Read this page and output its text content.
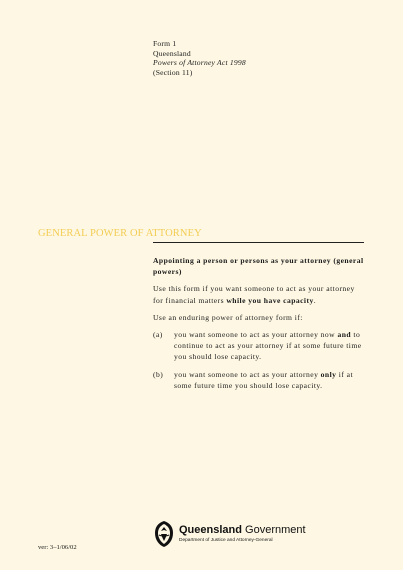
Form 1
Queensland
Powers of Attorney Act 1998
(Section 11)
GENERAL POWER OF ATTORNEY

Appointing a person or persons as your attorney (general powers)

Use this form if you want someone to act as your attorney for financial matters while you have capacity.

Use an enduring power of attorney form if:

(a)	you want someone to act as your attorney now and to continue to act as your attorney if at some future time you should lose capacity.
(b)	you want someone to act as your attorney only if at some future time you should lose capacity.
Queensland Government
Department of Justice and Attorney-General
ver: 3–1/06/02
